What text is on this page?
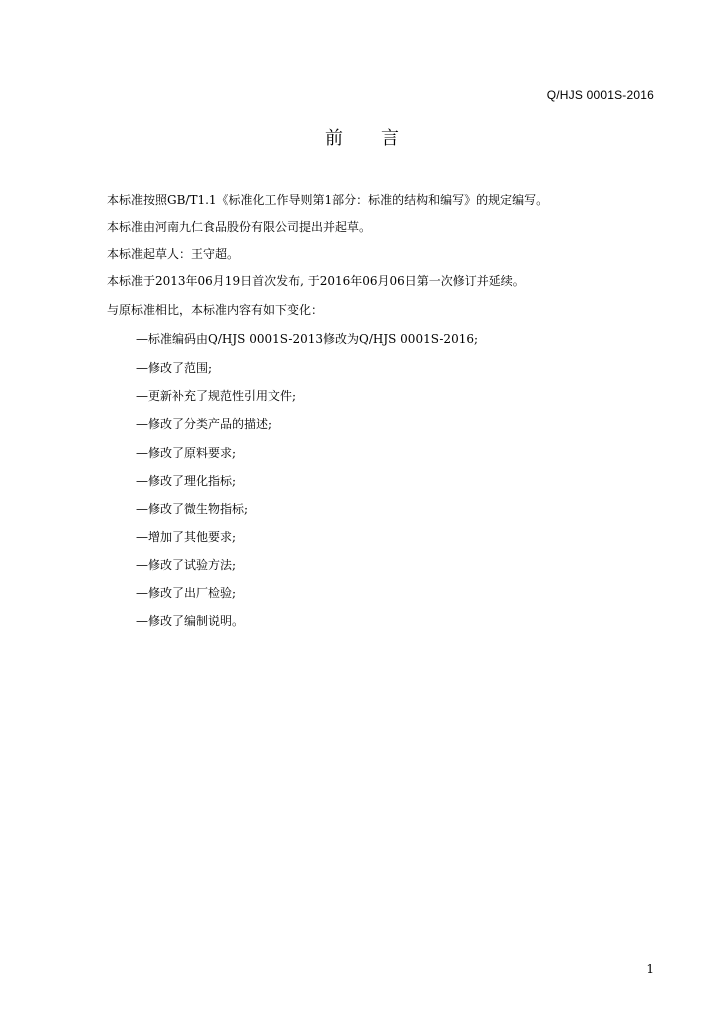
Q/HJS 0001S-2016
前 言
本标准按照GB/T1.1《标准化工作导则第1部分：标准的结构和编写》的规定编写。
本标准由河南九仁食品股份有限公司提出并起草。
本标准起草人：王守超。
本标准于2013年06月19日首次发布, 于2016年06月06日第一次修订并延续。
与原标准相比，本标准内容有如下变化：
—标准编码由Q/HJS 0001S-2013修改为Q/HJS 0001S-2016;
—修改了范围;
—更新补充了规范性引用文件;
—修改了分类产品的描述;
—修改了原料要求;
—修改了理化指标;
—修改了微生物指标;
—增加了其他要求;
—修改了试验方法;
—修改了出厂检验;
—修改了编制说明。
1
